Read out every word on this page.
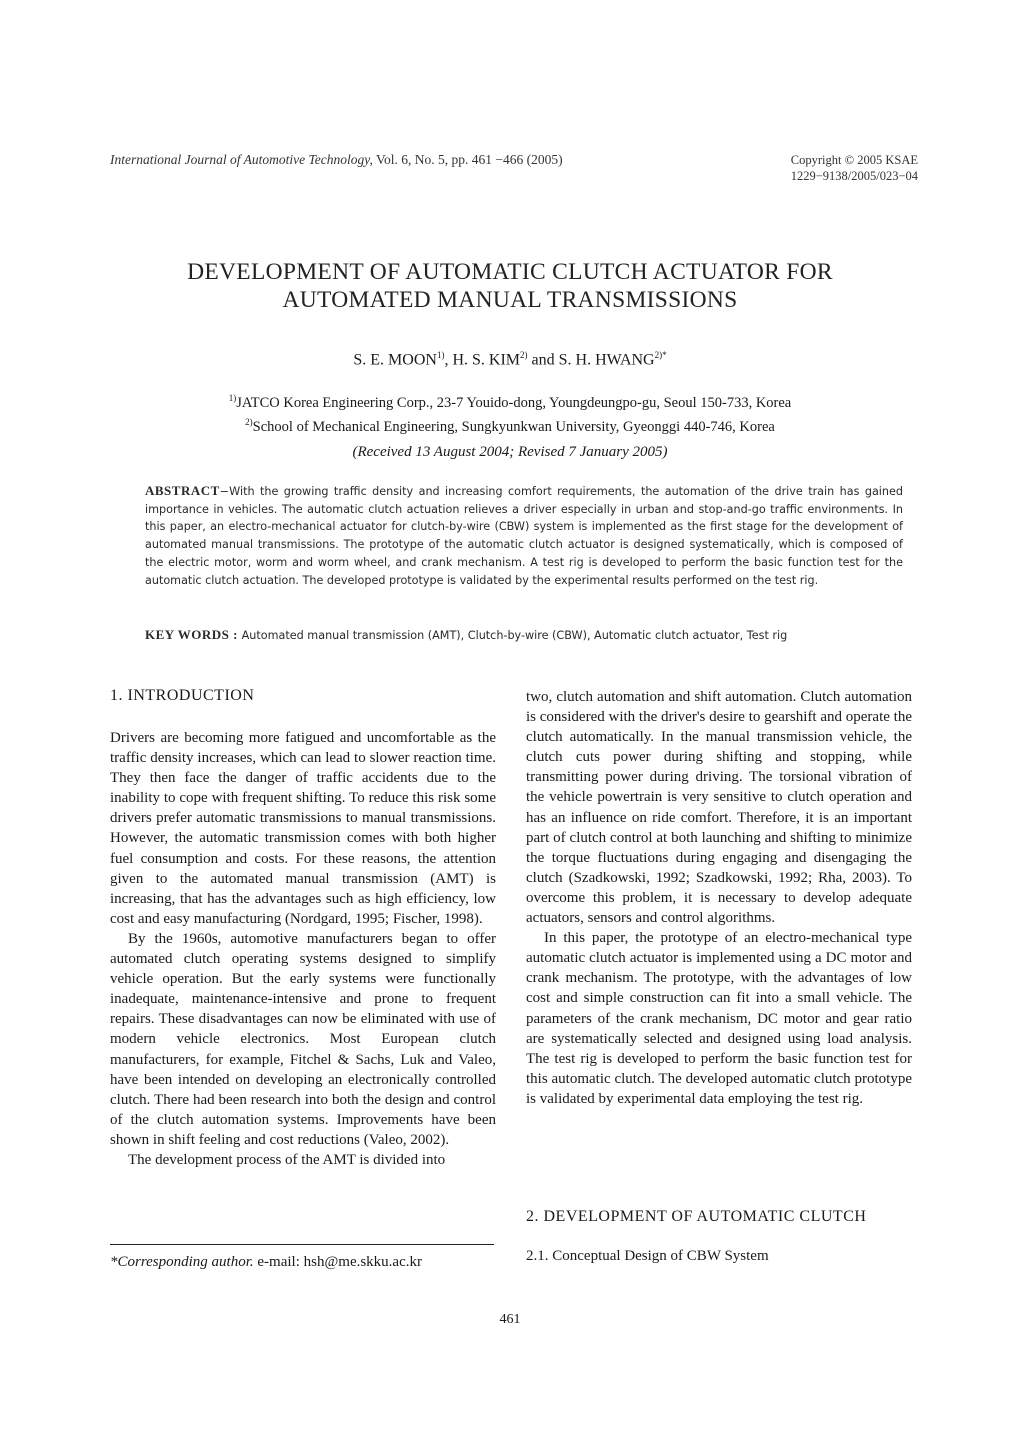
International Journal of Automotive Technology, Vol. 6, No. 5, pp. 461 −466 (2005)	Copyright © 2005 KSAE
1229−9138/2005/023−04
DEVELOPMENT OF AUTOMATIC CLUTCH ACTUATOR FOR
AUTOMATED MANUAL TRANSMISSIONS
S. E. MOON$^{1)}$, H. S. KIM$^{2)}$ and S. H. $HWANG^{2)*}$
$^{1)}$JATCO Korea Engineering Corp., 23-7 Youido-dong, Youngdeungpo-gu, Seoul 150-733, Korea
$^{2)}$School of Mechanical Engineering, Sungkyunkwan University, Gyeonggi 440-746, Korea
(Received 13 August 2004; Revised 7 January 2005)
ABSTRACT−With the growing traffic density and increasing comfort requirements, the automation of the drive train has gained importance in vehicles. The automatic clutch actuation relieves a driver especially in urban and stop-and-go traffic environments. In this paper, an electro-mechanical actuator for clutch-by-wire (CBW) system is implemented as the first stage for the development of automated manual transmissions. The prototype of the automatic clutch actuator is designed systematically, which is composed of the electric motor, worm and worm wheel, and crank mechanism. A test rig is developed to perform the basic function test for the automatic clutch actuation. The developed prototype is validated by the experimental results performed on the test rig.
KEY WORDS : Automated manual transmission (AMT), Clutch-by-wire (CBW), Automatic clutch actuator, Test rig
1. INTRODUCTION

Drivers are becoming more fatigued and uncomfortable as the traffic density increases, which can lead to slower reaction time. They then face the danger of traffic accidents due to the inability to cope with frequent shifting. To reduce this risk some drivers prefer automatic transmissions to manual transmissions. However, the automatic transmission comes with both higher fuel consumption and costs. For these reasons, the attention given to the automated manual transmission (AMT) is increasing, that has the advantages such as high efficiency, low cost and easy manufacturing (Nordgard, 1995; Fischer, 1998).

By the 1960s, automotive manufacturers began to offer automated clutch operating systems designed to simplify vehicle operation. But the early systems were functionally inadequate, maintenance-intensive and prone to frequent repairs. These disadvantages can now be eliminated with use of modern vehicle electronics. Most European clutch manufacturers, for example, Fitchel & Sachs, Luk and Valeo, have been intended on developing an electronically controlled clutch. There had been research into both the design and control of the clutch automation systems. Improvements have been shown in shift feeling and cost reductions (Valeo, 2002).

The development process of the AMT is divided into

two, clutch automation and shift automation. Clutch automation is considered with the driver's desire to gearshift and operate the clutch automatically. In the manual transmission vehicle, the clutch cuts power during shifting and stopping, while transmitting power during driving. The torsional vibration of the vehicle powertrain is very sensitive to clutch operation and has an influence on ride comfort. Therefore, it is an important part of clutch control at both launching and shifting to minimize the torque fluctuations during engaging and disengaging the clutch (Szadkowski, 1992; Szadkowski, 1992; Rha, 2003). To overcome this problem, it is necessary to develop adequate actuators, sensors and control algorithms.

In this paper, the prototype of an electro-mechanical type automatic clutch actuator is implemented using a DC motor and crank mechanism. The prototype, with the advantages of low cost and simple construction can fit into a small vehicle. The parameters of the crank mechanism, DC motor and gear ratio are systematically selected and designed using load analysis. The test rig is developed to perform the basic function test for this automatic clutch. The developed automatic clutch prototype is validated by experimental data employing the test rig.

2. DEVELOPMENT OF AUTOMATIC CLUTCH
2.1. Conceptual Design of CBW System
*Corresponding author. e-mail: hsh@me.skku.ac.kr
461
